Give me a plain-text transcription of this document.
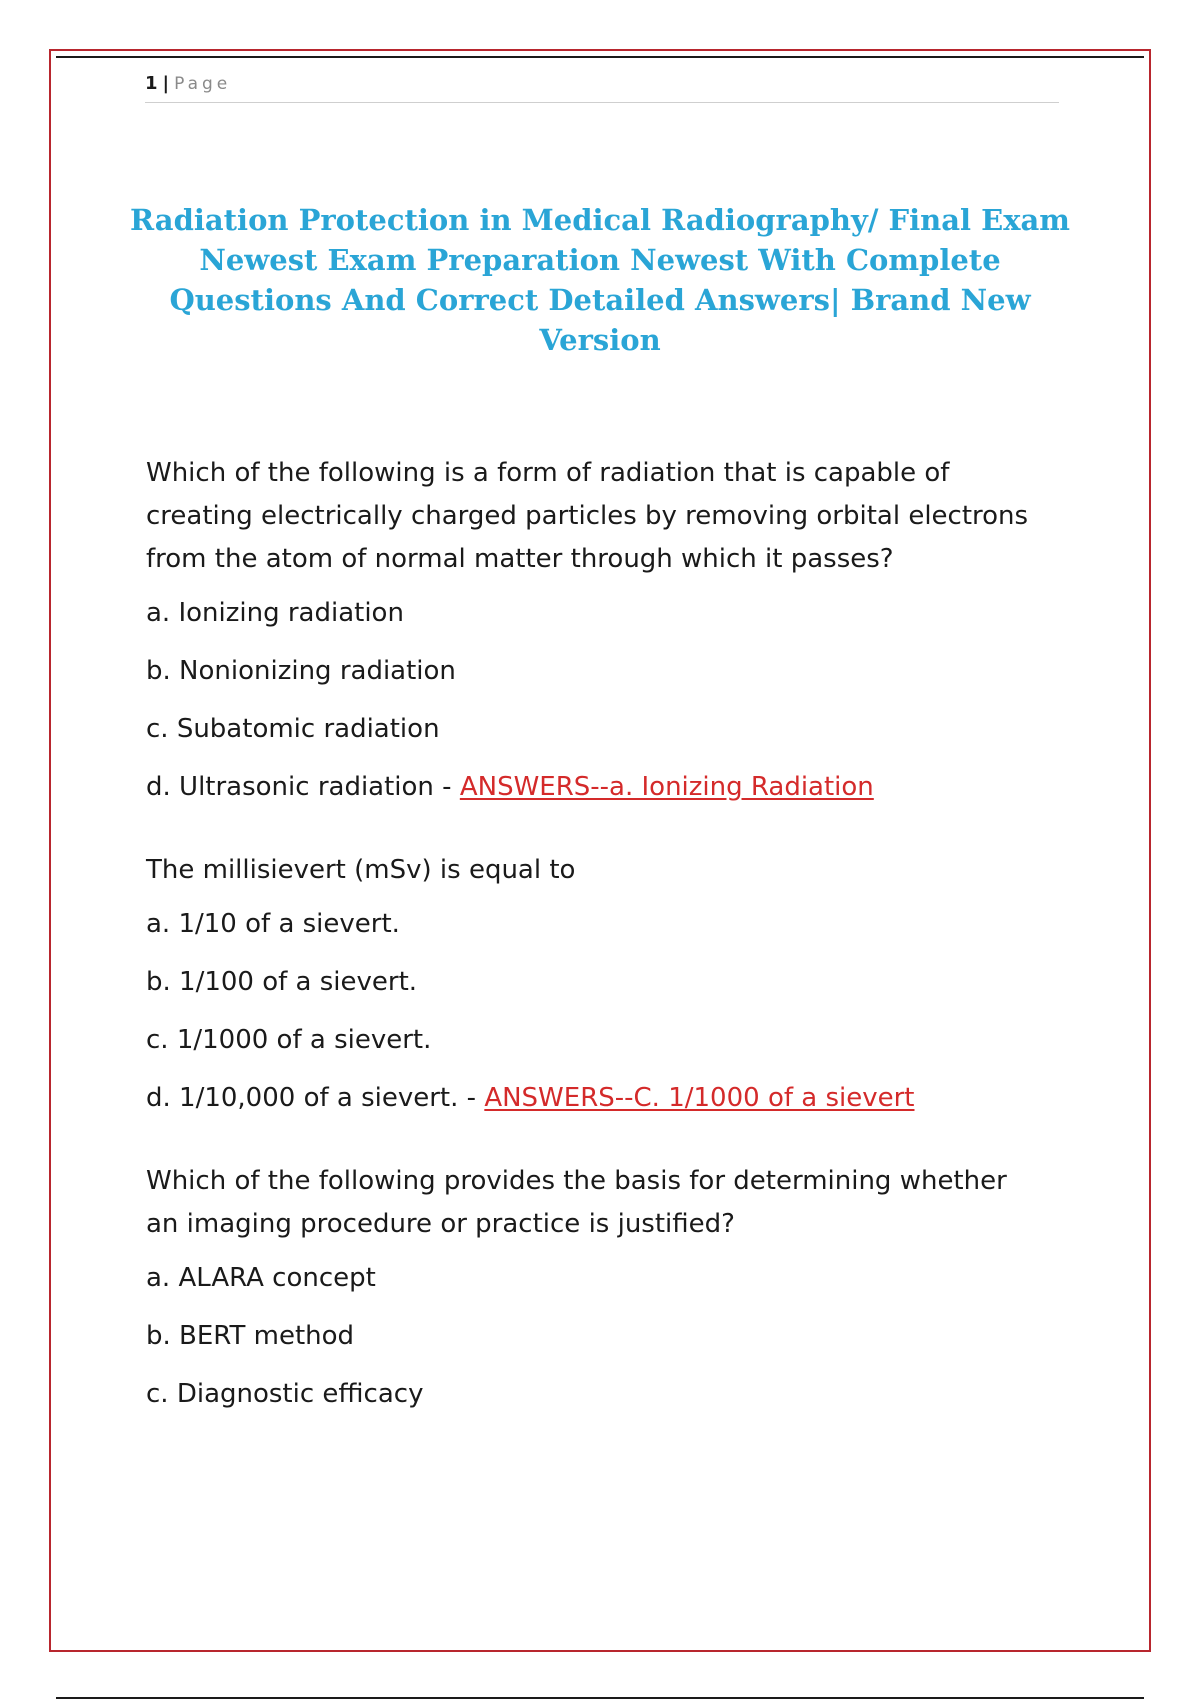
1 | Page
Radiation Protection in Medical Radiography/ Final Exam Newest Exam Preparation Newest With Complete Questions And Correct Detailed Answers| Brand New Version

Which of the following is a form of radiation that is capable of creating electrically charged particles by removing orbital electrons from the atom of normal matter through which it passes?

a. Ionizing radiation

b. Nonionizing radiation

c. Subatomic radiation

d. Ultrasonic radiation - ANSWERS--a. Ionizing Radiation

The millisievert (mSv) is equal to

a. 1/10 of a sievert.

b. 1/100 of a sievert.

c. 1/1000 of a sievert.

d. 1/10,000 of a sievert. - ANSWERS--C. 1/1000 of a sievert

Which of the following provides the basis for determining whether an imaging procedure or practice is justified?

a. ALARA concept

b. BERT method

c. Diagnostic efficacy
